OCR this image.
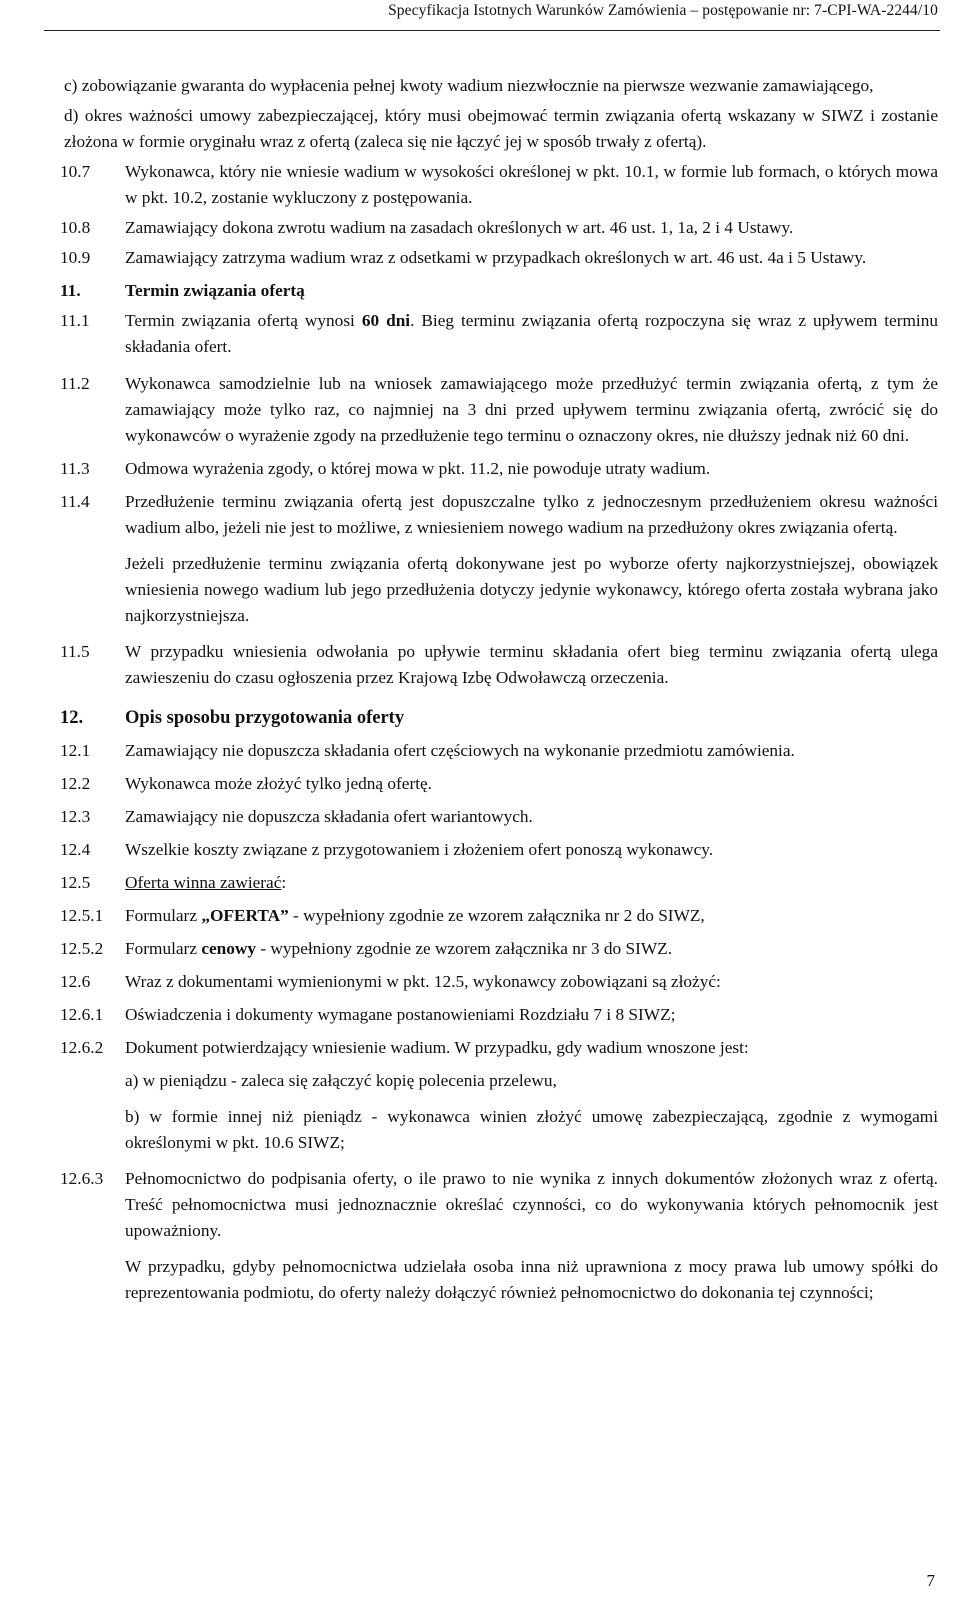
Specyfikacja Istotnych Warunków Zamówienia – postępowanie nr: 7-CPI-WA-2244/10

c) zobowiązanie gwaranta do wypłacenia pełnej kwoty wadium niezwłocznie na pierwsze wezwanie zamawiającego,

d) okres ważności umowy zabezpieczającej, który musi obejmować termin związania ofertą wskazany w SIWZ i zostanie złożona w formie oryginału wraz z ofertą (zaleca się nie łączyć jej w sposób trwały z ofertą).

10.7 Wykonawca, który nie wniesie wadium w wysokości określonej w pkt. 10.1, w formie lub formach, o których mowa w pkt. 10.2, zostanie wykluczony z postępowania.
10.8 Zamawiający dokona zwrotu wadium na zasadach określonych w art. 46 ust. 1, 1a, 2 i 4 Ustawy.
10.9 Zamawiający zatrzyma wadium wraz z odsetkami w przypadkach określonych w art. 46 ust. 4a i 5 Ustawy.
11.	Termin związania ofertą
11.1 Termin związania ofertą wynosi 60 dni. Bieg terminu związania ofertą rozpoczyna się wraz z upływem terminu składania ofert.
11.2 Wykonawca samodzielnie lub na wniosek zamawiającego może przedłużyć termin związania ofertą, z tym że zamawiający może tylko raz, co najmniej na 3 dni przed upływem terminu związania ofertą, zwrócić się do wykonawców o wyrażenie zgody na przedłużenie tego terminu o oznaczony okres, nie dłuższy jednak niż 60 dni.
11.3 Odmowa wyrażenia zgody, o której mowa w pkt. 11.2, nie powoduje utraty wadium.
11.4 Przedłużenie terminu związania ofertą jest dopuszczalne tylko z jednoczesnym przedłużeniem okresu ważności wadium albo, jeżeli nie jest to możliwe, z wniesieniem nowego wadium na przedłużony okres związania ofertą.
Jeżeli przedłużenie terminu związania ofertą dokonywane jest po wyborze oferty najkorzystniejszej, obowiązek wniesienia nowego wadium lub jego przedłużenia dotyczy jedynie wykonawcy, którego oferta została wybrana jako najkorzystniejsza.
11.5 W przypadku wniesienia odwołania po upływie terminu składania ofert bieg terminu związania ofertą ulega zawieszeniu do czasu ogłoszenia przez Krajową Izbę Odwoławczą orzeczenia.
12. Opis sposobu przygotowania oferty
12.1 Zamawiający nie dopuszcza składania ofert częściowych na wykonanie przedmiotu zamówienia.
12.2 Wykonawca może złożyć tylko jedną ofertę.
12.3 Zamawiający nie dopuszcza składania ofert wariantowych.
12.4 Wszelkie koszty związane z przygotowaniem i złożeniem ofert ponoszą wykonawcy.
12.5 Oferta winna zawierać:
12.5.1 Formularz „OFERTA” - wypełniony zgodnie ze wzorem załącznika nr 2 do SIWZ,
12.5.2 Formularz cenowy - wypełniony zgodnie ze wzorem załącznika nr 3 do SIWZ.
12.6 Wraz z dokumentami wymienionymi w pkt. 12.5, wykonawcy zobowiązani są złożyć:
12.6.1 Oświadczenia i dokumenty wymagane postanowieniami Rozdziału 7 i 8 SIWZ;
12.6.2 Dokument potwierdzający wniesienie wadium. W przypadku, gdy wadium wnoszone jest:
a) w pieniądzu - zaleca się załączyć kopię polecenia przelewu,
b) w formie innej niż pieniądz - wykonawca winien złożyć umowę zabezpieczającą, zgodnie z wymogami określonymi w pkt. 10.6 SIWZ;
12.6.3 Pełnomocnictwo do podpisania oferty, o ile prawo to nie wynika z innych dokumentów złożonych wraz z ofertą. Treść pełnomocnictwa musi jednoznacznie określać czynności, co do wykonywania których pełnomocnik jest upoważniony.
W przypadku, gdyby pełnomocnictwa udzielała osoba inna niż uprawniona z mocy prawa lub umowy spółki do reprezentowania podmiotu, do oferty należy dołączyć również pełnomocnictwo do dokonania tej czynności;
7
